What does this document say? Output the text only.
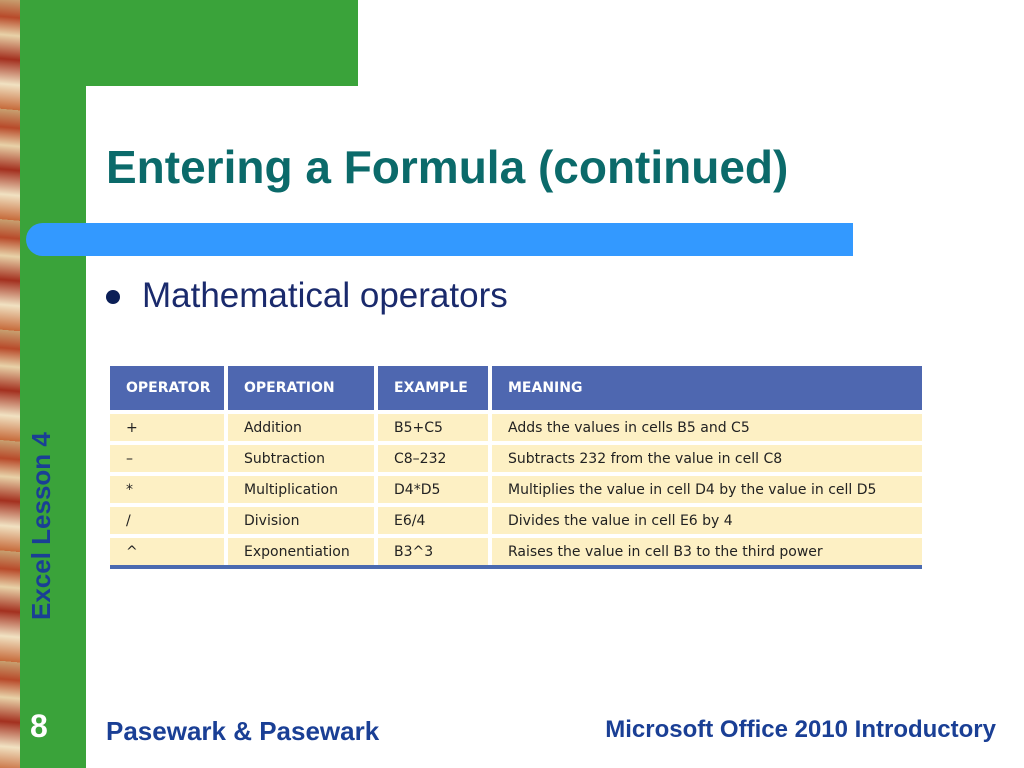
Entering a Formula (continued)
Mathematical operators
OPERATOR	OPERATION	EXAMPLE	MEANING
+	Addition	B5+C5	Adds the values in cells B5 and C5
–	Subtraction	C8–232	Subtracts 232 from the value in cell C8
*	Multiplication	D4*D5	Multiplies the value in cell D4 by the value in cell D5
/	Division	E6/4	Divides the value in cell E6 by 4
^	Exponentiation	B3^3	Raises the value in cell B3 to the third power
Excel Lesson 4
8 Pasewark & Pasewark	Microsoft Office 2010 Introductory
